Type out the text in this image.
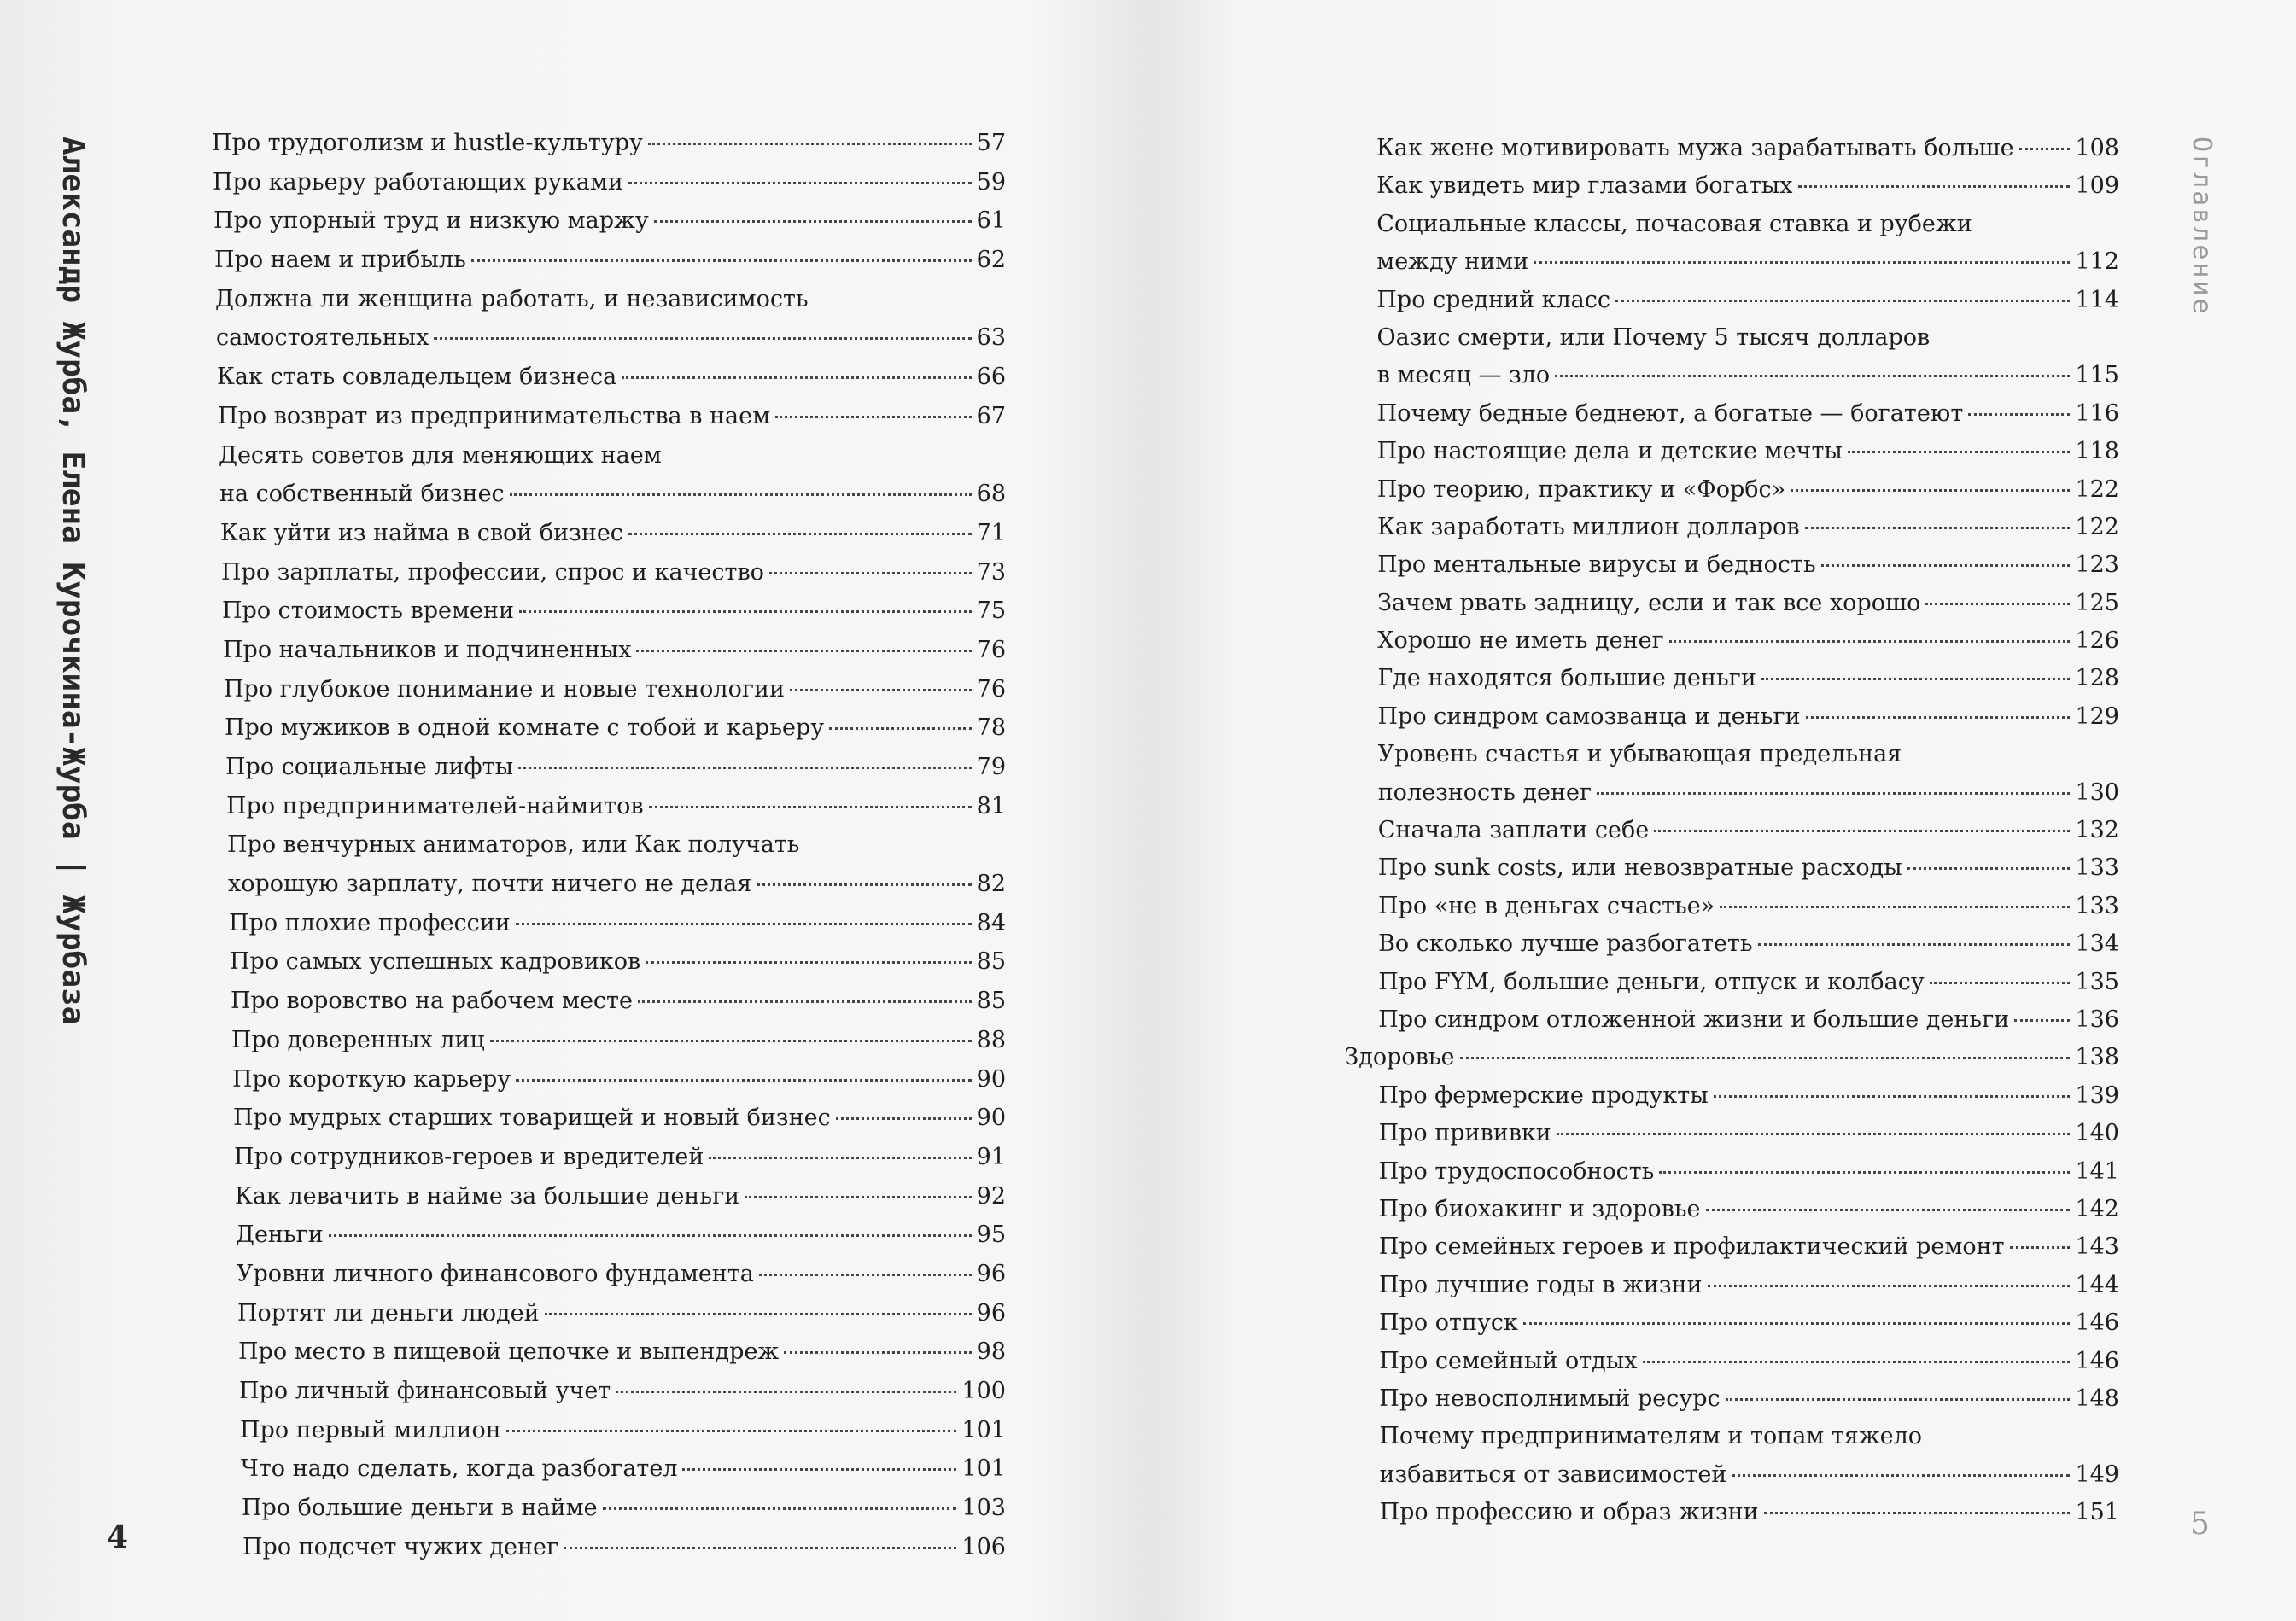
Александр Журба, Елена Курочкина-Журба | Журбаза	Про трудоголизм и hustle-культуру	57
Про карьеру работающих руками	59
Про упорный труд и низкую маржу	61
Про наем и прибыль	62
Должна ли женщина работать, и независимость
самостоятельных	63
Как стать совладельцем бизнеса	66
Про возврат из предпринимательства в наем	67
Десять советов для меняющих наем
на собственный бизнес	68
Как уйти из найма в свой бизнес	71
Про зарплаты, профессии, спрос и качество	73
Про стоимость времени	75
Про начальников и подчиненных	76
Про глубокое понимание и новые технологии	76
Про мужиков в одной комнате с тобой и карьеру	78
Про социальные лифты	79
Про предпринимателей-наймитов	81
Про венчурных аниматоров, или Как получать
хорошую зарплату, почти ничего не делая	82
Про плохие профессии	84
Про самых успешных кадровиков	85
Про воровство на рабочем месте	85
Про доверенных лиц	88
Про короткую карьеру	90
Про мудрых старших товарищей и новый бизнес	90
Про сотрудников-героев и вредителей	91
Как левачить в найме за большие деньги	92
Деньги	95
Уровни личного финансового фундамента	96
Портят ли деньги людей	96
Про место в пищевой цепочке и выпендреж	98
Про личный финансовый учет	100
Про первый миллион	101
Что надо сделать, когда разбогател	101
Про большие деньги в найме	103
Про подсчет чужих денег	106
4
Как жене мотивировать мужа зарабатывать больше	108
Как увидеть мир глазами богатых	109
Социальные классы, почасовая ставка и рубежи
между ними	112
Про средний класс	114
Оазис смерти, или Почему 5 тысяч долларов
в месяц — зло	115
Почему бедные беднеют, а богатые — богатеют	116
Про настоящие дела и детские мечты	118
Про теорию, практику и «Форбс»	122
Как заработать миллион долларов	122
Про ментальные вирусы и бедность	123
Зачем рвать задницу, если и так все хорошо	125
Хорошо не иметь денег	126
Где находятся большие деньги	128
Про синдром самозванца и деньги	129
Уровень счастья и убывающая предельная
полезность денег	130
Сначала заплати себе	132
Про sunk costs, или невозвратные расходы	133
Про «не в деньгах счастье»	133
Во сколько лучше разбогатеть	134
Про FYM, большие деньги, отпуск и колбасу	135
Про синдром отложенной жизни и большие деньги	136
Здоровье	138
Про фермерские продукты	139
Про прививки	140
Про трудоспособность	141
Про биохакинг и здоровье	142
Про семейных героев и профилактический ремонт	143
Про лучшие годы в жизни	144
Про отпуск	146
Про семейный отдых	146
Про невосполнимый ресурс	148
Почему предпринимателям и топам тяжело
избавиться от зависимостей	149
Про профессию и образ жизни	151 5
Оглавление
